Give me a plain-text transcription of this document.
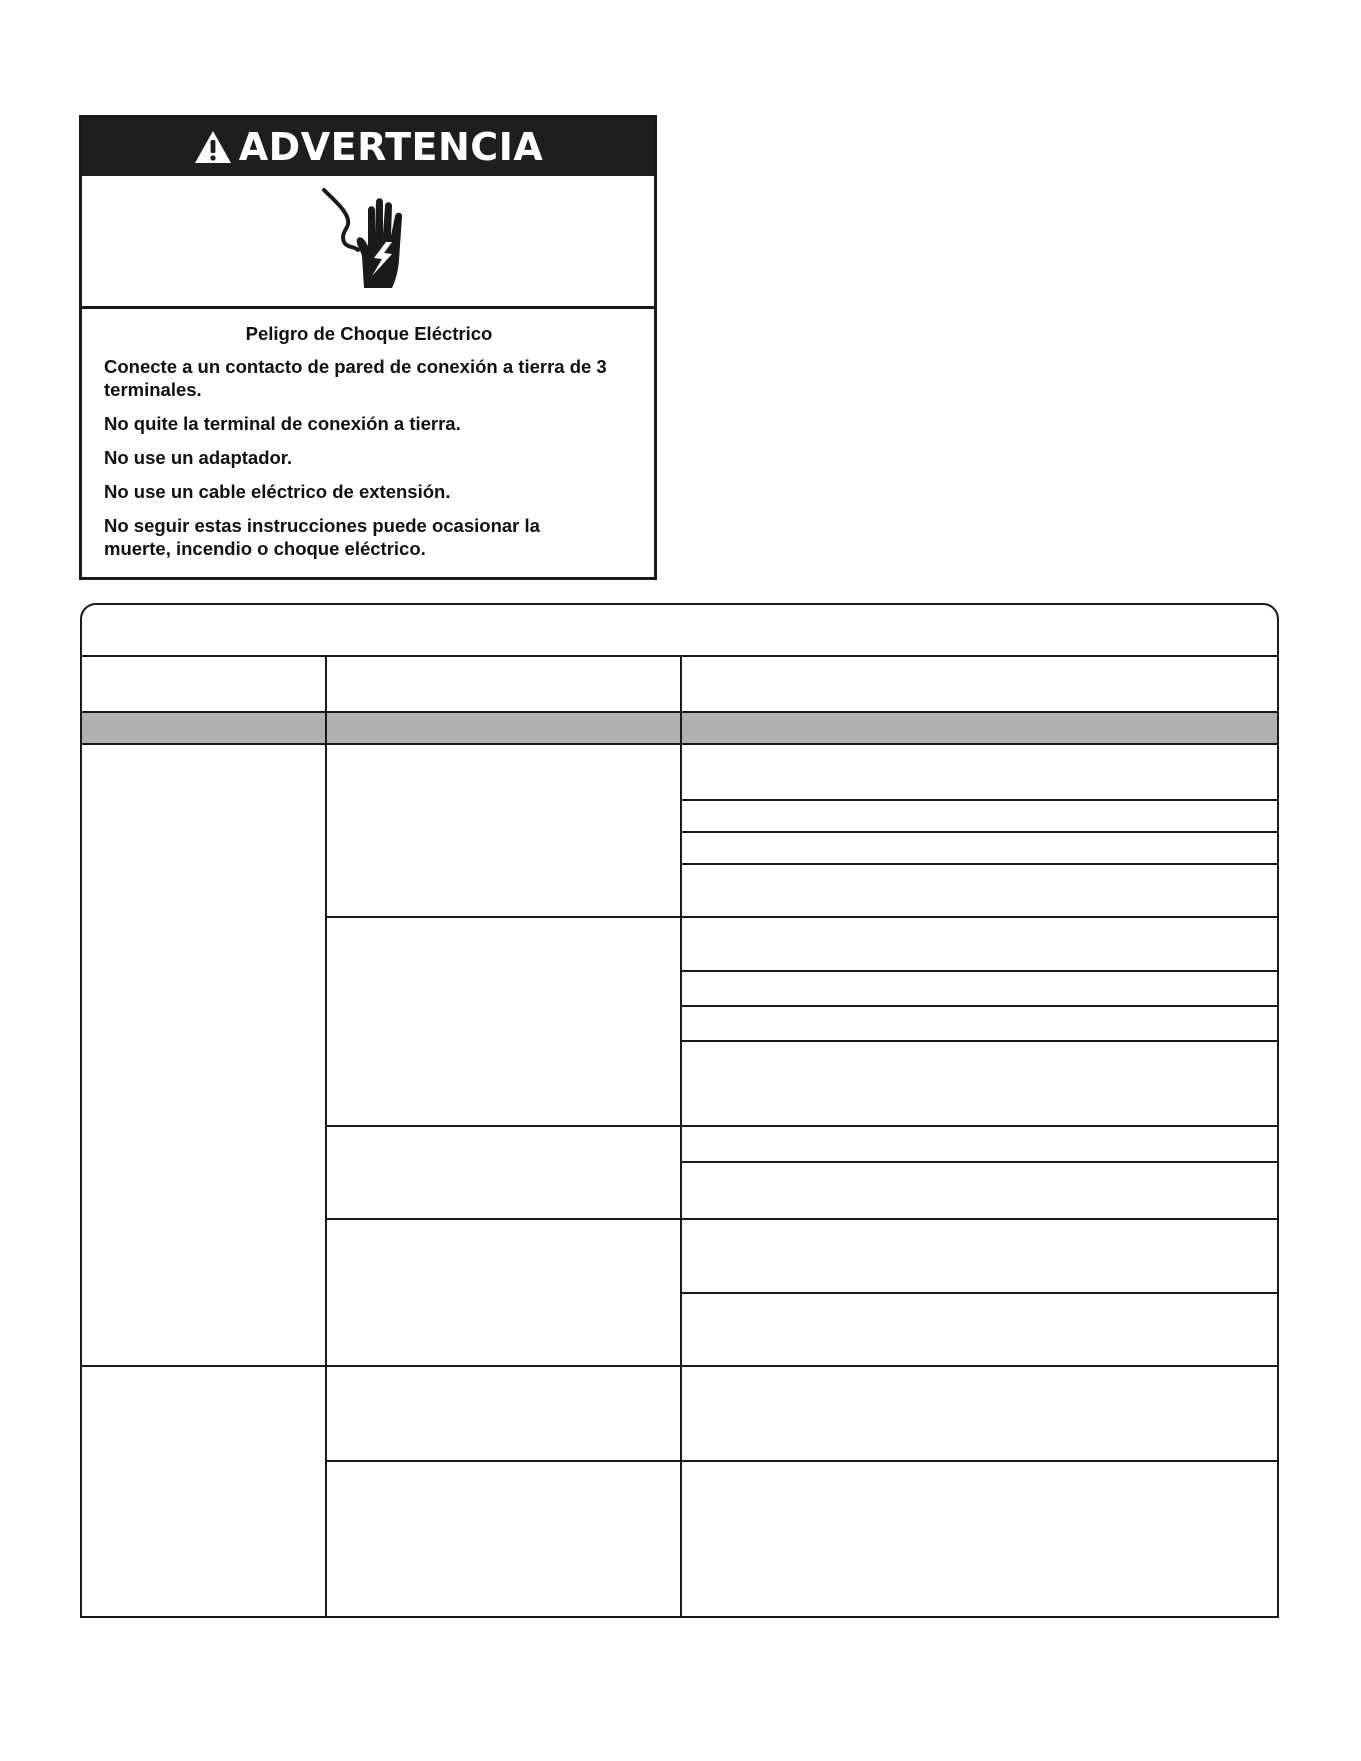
ADVERTENCIA

Peligro de Choque Eléctrico

Conecte a un contacto de pared de conexión a tierra de 3 terminales.

No quite la terminal de conexión a tierra.

No use un adaptador.

No use un cable eléctrico de extensión.

No seguir estas instrucciones puede ocasionar la muerte, incendio o choque eléctrico.
